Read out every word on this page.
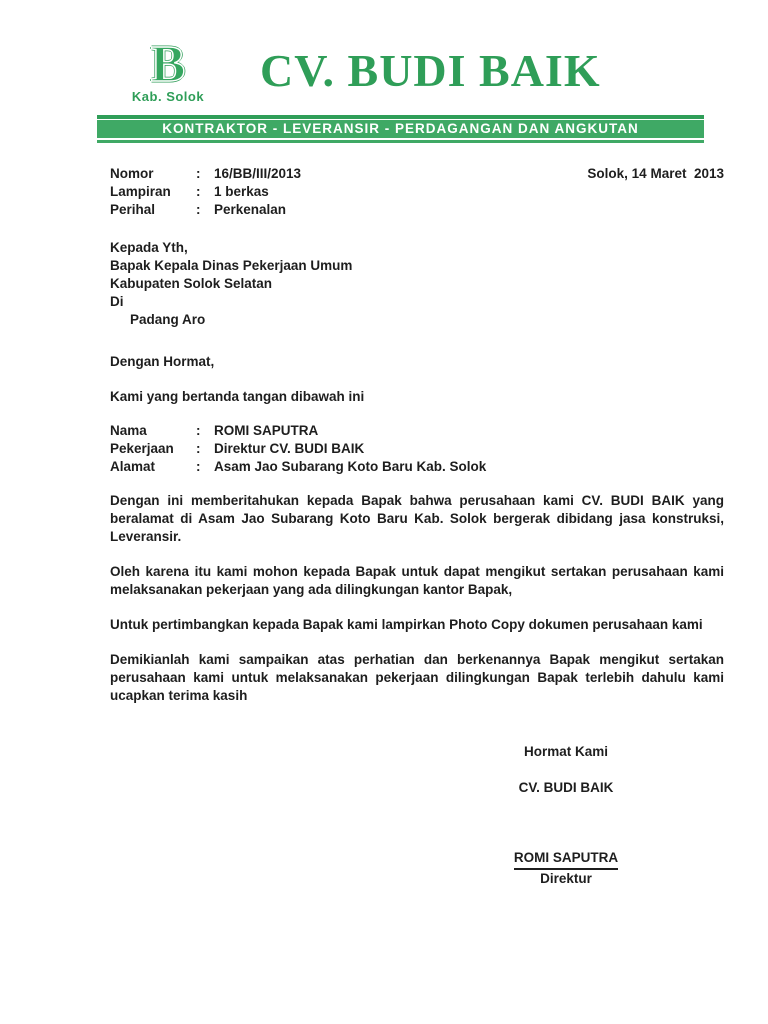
B
Kab. Solok
CV. BUDI BAIK
KONTRAKTOR - LEVERANSIR - PERDAGANGAN DAN ANGKUTAN
Nomor	:	16/BB/III/2013
Lampiran	:	1 berkas
Perihal	:	Perkenalan
Solok, 14 Maret  2013
Kepada Yth,
Bapak Kepala Dinas Pekerjaan Umum
Kabupaten Solok Selatan
Di
Padang Aro
Dengan Hormat,
Kami yang bertanda tangan dibawah ini
Nama	:	ROMI SAPUTRA
Pekerjaan	:	Direktur CV. BUDI BAIK
Alamat	:	Asam Jao Subarang Koto Baru Kab. Solok
Dengan ini memberitahukan kepada Bapak bahwa perusahaan kami CV. BUDI BAIK yang beralamat di Asam Jao Subarang Koto Baru Kab. Solok bergerak dibidang jasa konstruksi, Leveransir.
Oleh karena itu kami mohon kepada Bapak untuk dapat mengikut sertakan perusahaan kami melaksanakan pekerjaan yang ada dilingkungan kantor Bapak,
Untuk pertimbangkan kepada Bapak kami lampirkan Photo Copy dokumen perusahaan kami
Demikianlah kami sampaikan atas perhatian dan berkenannya Bapak mengikut sertakan perusahaan kami untuk melaksanakan pekerjaan dilingkungan Bapak terlebih dahulu kami ucapkan terima kasih
Hormat Kami
CV. BUDI BAIK
ROMI SAPUTRA
Direktur
